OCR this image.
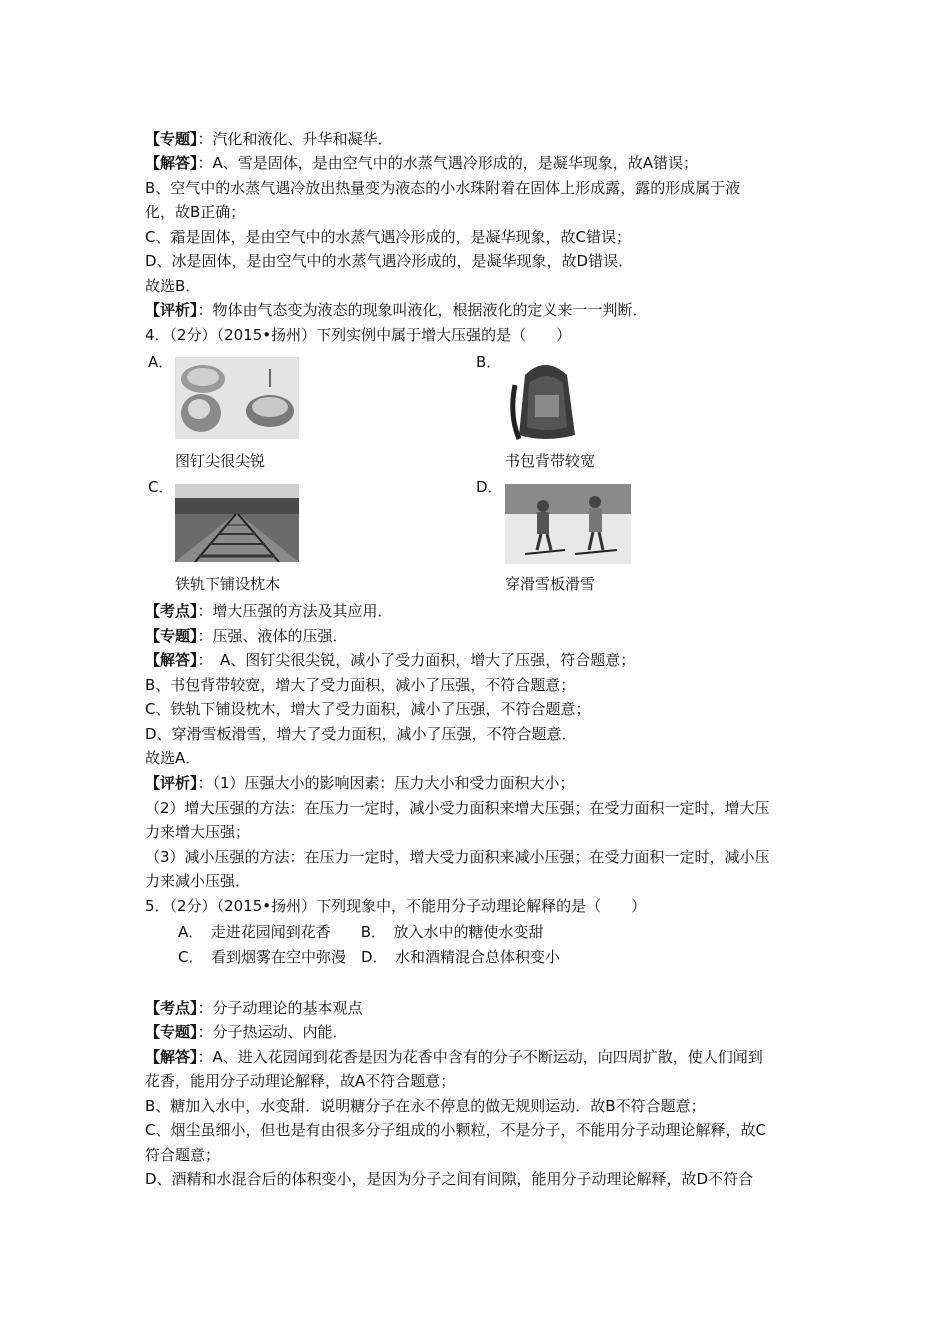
【专题】：汽化和液化、升华和凝华．
【解答】：A、雪是固体，是由空气中的水蒸气遇冷形成的，是凝华现象，故A错误；
B、空气中的水蒸气遇冷放出热量变为液态的小水珠附着在固体上形成露，露的形成属于液
化，故B正确；
C、霜是固体，是由空气中的水蒸气遇冷形成的，是凝华现象，故C错误；
D、冰是固体，是由空气中的水蒸气遇冷形成的，是凝华现象，故D错误．
故选B．
【评析】：物体由气态变为液态的现象叫液化，根据液化的定义来一一判断．
4．（2分）（2015•扬州）下列实例中属于增大压强的是（　　）
A．
图钉尖很尖锐
B．
书包背带较宽
C．
铁轨下铺设枕木
D．
穿滑雪板滑雪
【考点】：增大压强的方法及其应用．
【专题】：压强、液体的压强．
【解答】：　A、图钉尖很尖锐，减小了受力面积，增大了压强，符合题意；
B、书包背带较宽，增大了受力面积，减小了压强，不符合题意；
C、铁轨下铺设枕木，增大了受力面积，减小了压强，不符合题意；
D、穿滑雪板滑雪，增大了受力面积，减小了压强，不符合题意．
故选A．
【评析】：（1）压强大小的影响因素：压力大小和受力面积大小；
（2）增大压强的方法：在压力一定时，减小受力面积来增大压强；在受力面积一定时，增大压
力来增大压强；
（3）减小压强的方法：在压力一定时，增大受力面积来减小压强；在受力面积一定时，减小压
力来减小压强．
5．（2分）（2015•扬州）下列现象中，不能用分子动理论解释的是（　　）
A．　走进花园闻到花香　　B．　放入水中的糖使水变甜
C．　看到烟雾在空中弥漫　D．　水和酒精混合总体积变小
【考点】：分子动理论的基本观点
【专题】：分子热运动、内能．
【解答】：A、进入花园闻到花香是因为花香中含有的分子不断运动，向四周扩散，使人们闻到
花香，能用分子动理论解释，故A不符合题意；
B、糖加入水中，水变甜．说明糖分子在永不停息的做无规则运动．故B不符合题意；
C、烟尘虽细小，但也是有由很多分子组成的小颗粒，不是分子，不能用分子动理论解释，故C
符合题意；
D、酒精和水混合后的体积变小，是因为分子之间有间隙，能用分子动理论解释，故D不符合
